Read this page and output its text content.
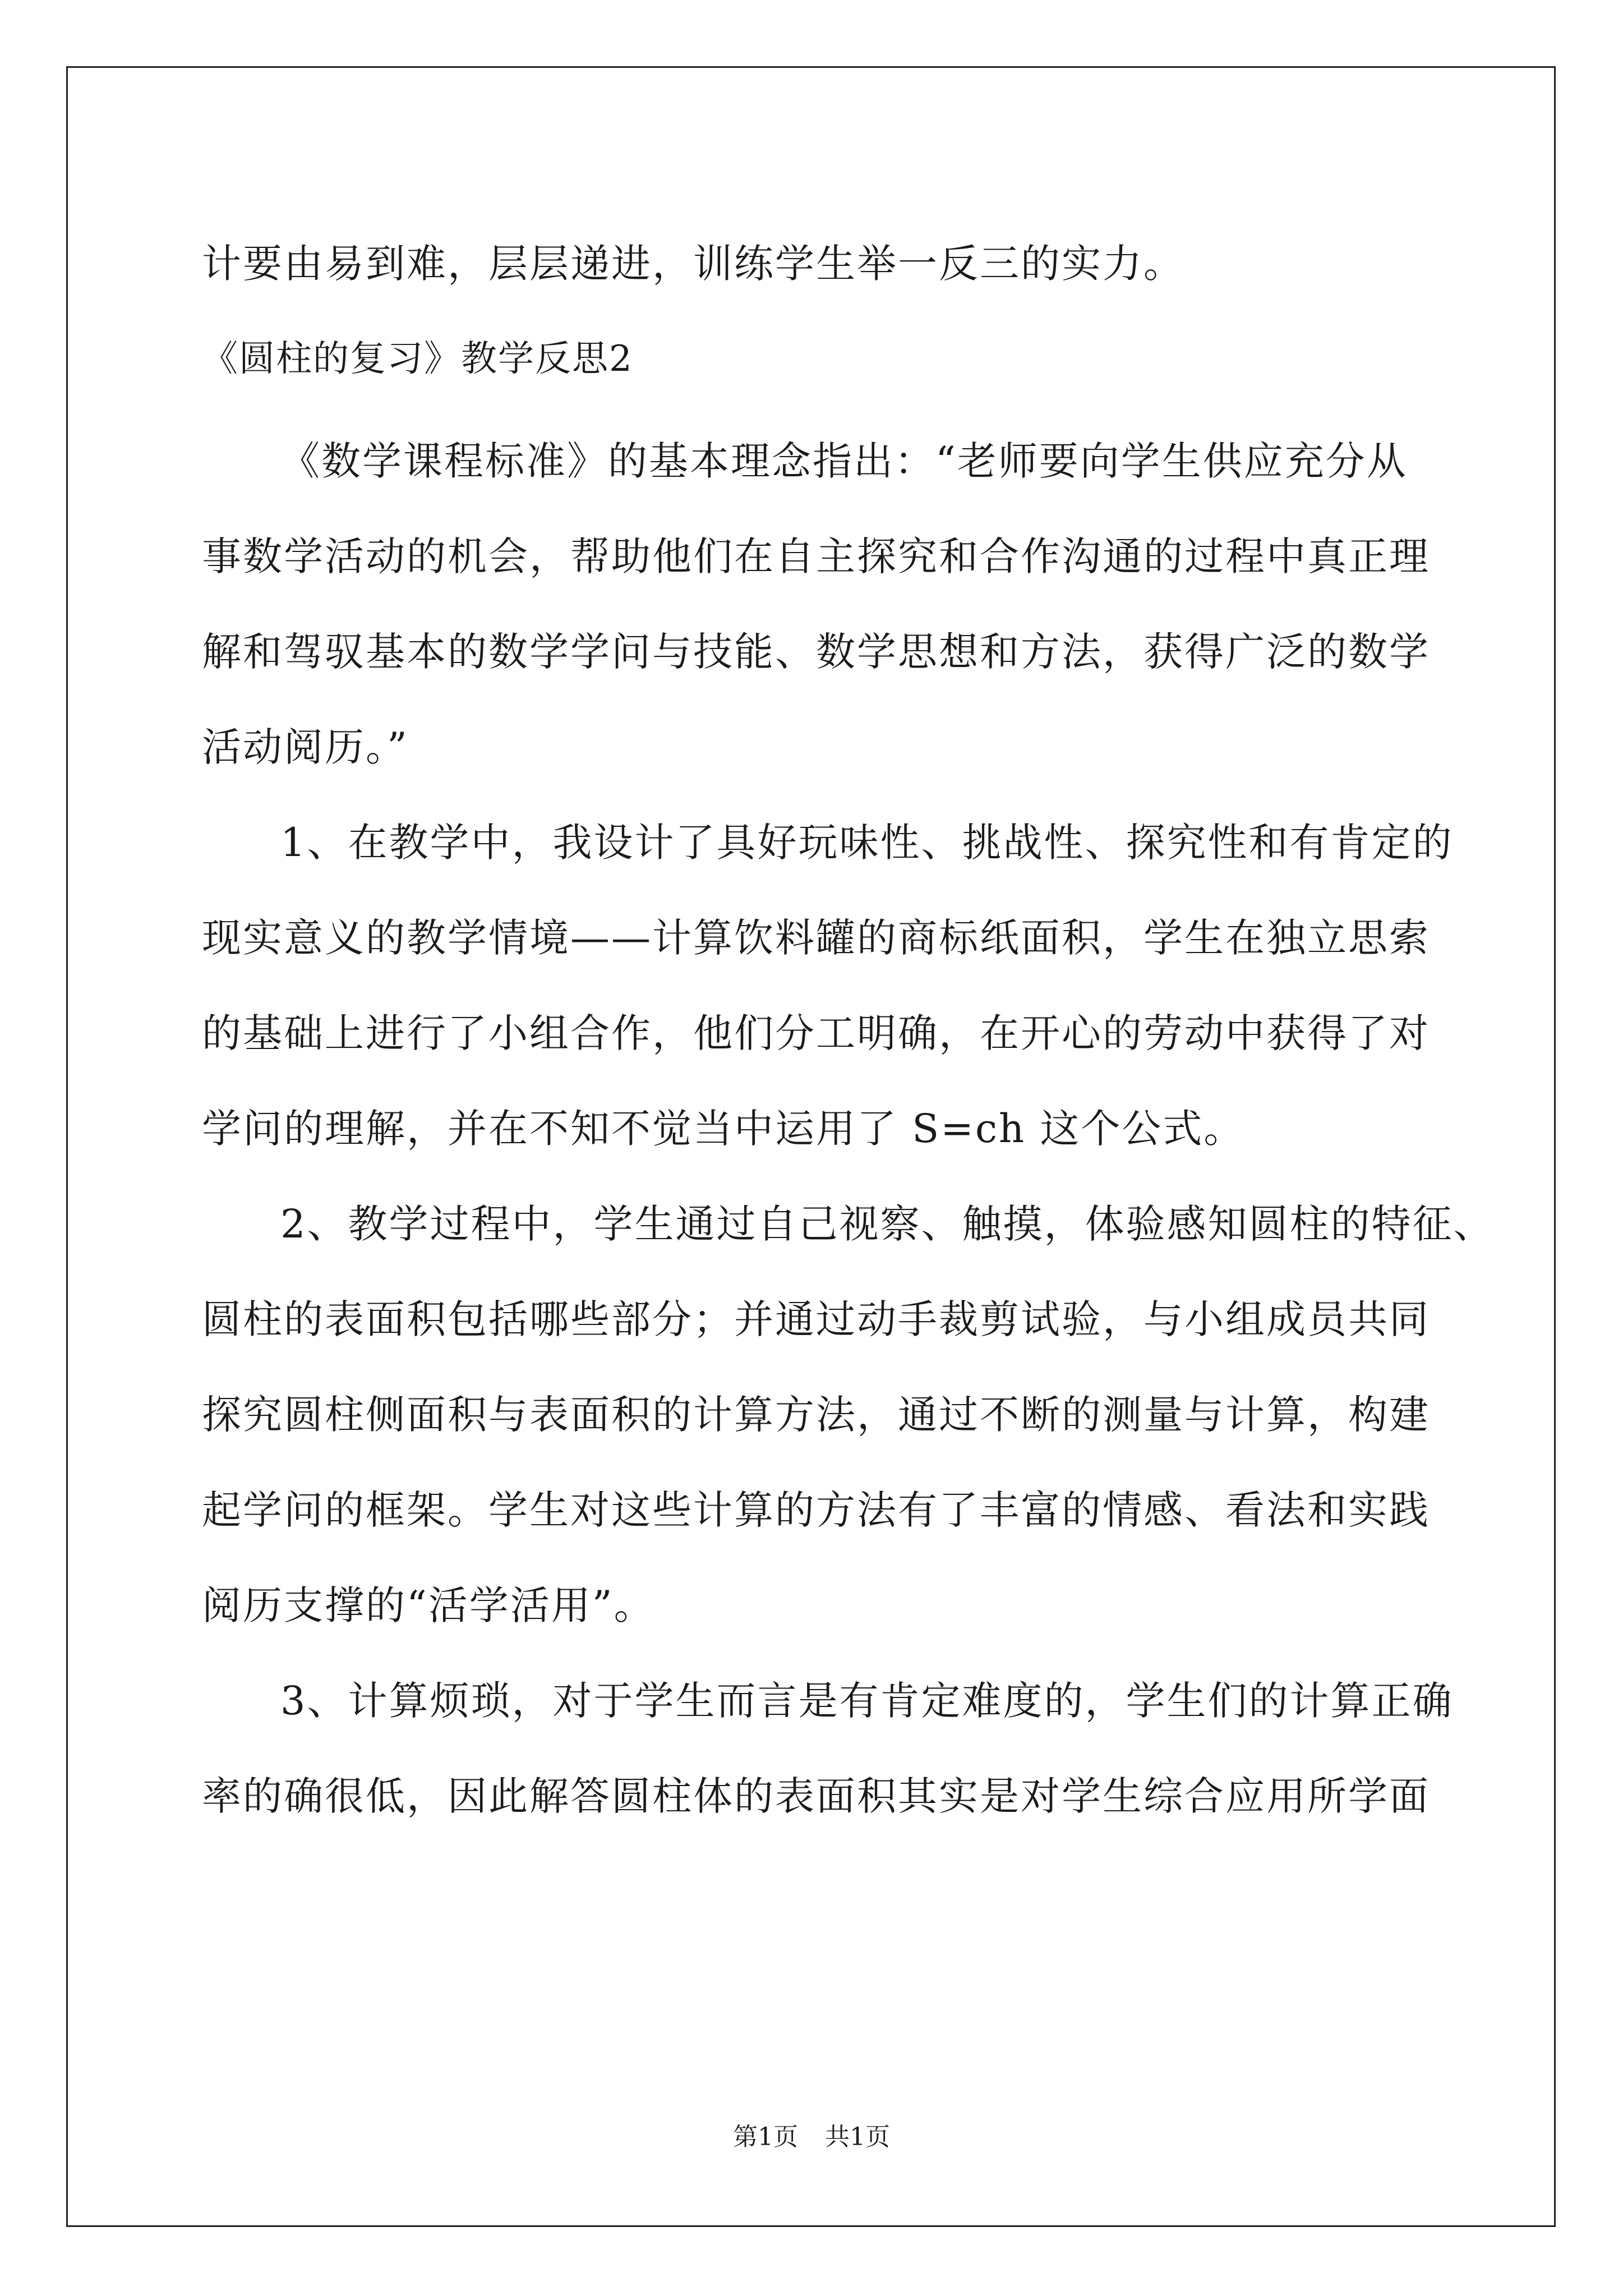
计要由易到难，层层递进，训练学生举一反三的实力。

《圆柱的复习》教学反思2

《数学课程标准》的基本理念指出：“老师要向学生供应充分从

事数学活动的机会，帮助他们在自主探究和合作沟通的过程中真正理

解和驾驭基本的数学学问与技能、数学思想和方法，获得广泛的数学

活动阅历。”

1、在教学中，我设计了具好玩味性、挑战性、探究性和有肯定的

现实意义的教学情境——计算饮料罐的商标纸面积，学生在独立思索

的基础上进行了小组合作，他们分工明确，在开心的劳动中获得了对

学问的理解，并在不知不觉当中运用了 S=ch 这个公式。

2、教学过程中，学生通过自己视察、触摸，体验感知圆柱的特征、

圆柱的表面积包括哪些部分；并通过动手裁剪试验，与小组成员共同

探究圆柱侧面积与表面积的计算方法，通过不断的测量与计算，构建

起学问的框架。学生对这些计算的方法有了丰富的情感、看法和实践

阅历支撑的“活学活用”。

3、计算烦琐，对于学生而言是有肯定难度的，学生们的计算正确

率的确很低，因此解答圆柱体的表面积其实是对学生综合应用所学面

第1页 共1页
